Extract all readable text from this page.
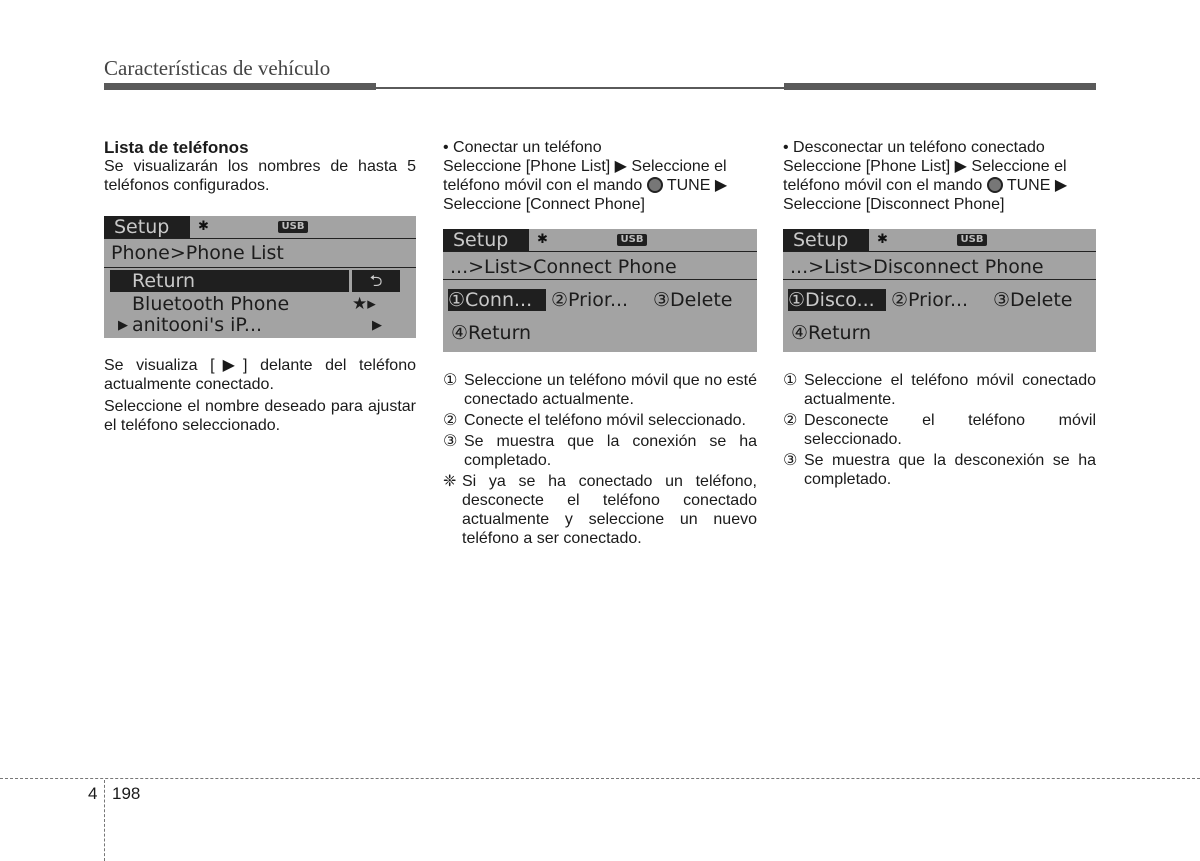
Características de vehículo

Lista de teléfonos

Se visualizarán los nombres de hasta 5 teléfonos configurados.

Setup	✱	USB
Phone>Phone List
Return	⮌
Bluetooth Phone	★▸
▶ anitooni's iP...	▶

Se visualiza [▶] delante del teléfono actualmente conectado.

Seleccione el nombre deseado para ajustar el teléfono seleccionado.

• Conectar un teléfono

Seleccione [Phone List] ▶ Seleccione el

teléfono móvil con el mando TUNE ▶

Seleccione [Connect Phone]

Setup	✱	USB
...>List>Connect Phone
①Conn... ②Prior... ③Delete
④Return
① Seleccione un teléfono móvil que no esté conectado actualmente.

② Conecte el teléfono móvil seleccionado.

③ Se muestra que la conexión se ha completado.

❈ Si ya se ha conectado un teléfono, desconecte el teléfono conectado actualmente y seleccione un nuevo teléfono a ser conectado.

• Desconectar un teléfono conectado

Seleccione [Phone List] ▶ Seleccione el

teléfono móvil con el mando TUNE ▶

Seleccione [Disconnect Phone]

Setup	✱	USB
...>List>Disconnect Phone
①Disco... ②Prior... ③Delete
④Return
① Seleccione el teléfono móvil conectado actualmente.

② Desconecte el teléfono móvil seleccionado.

③ Se muestra que la desconexión se ha completado.

4 198
